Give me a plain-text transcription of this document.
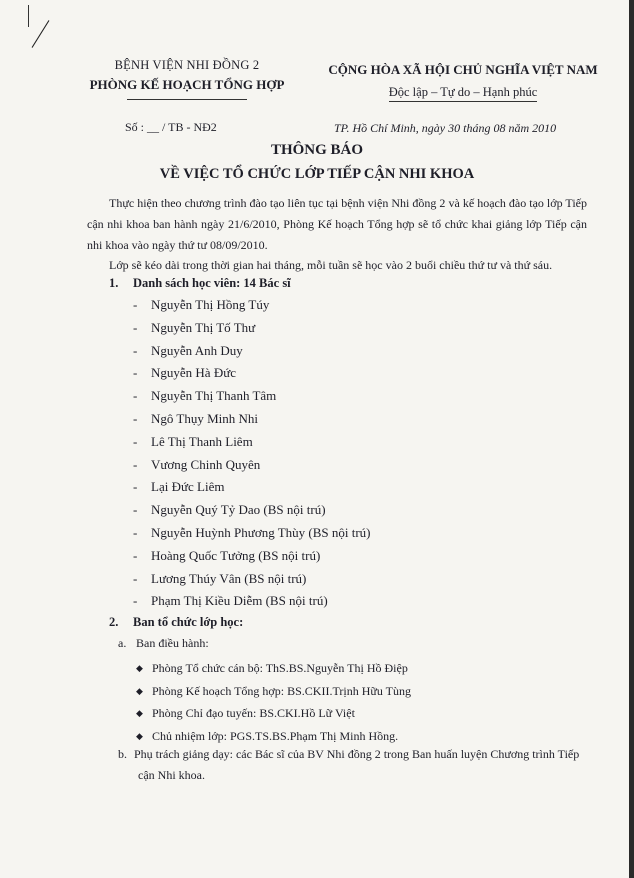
BỆNH VIỆN NHI ĐỒNG 2
PHÒNG KẾ HOẠCH TỔNG HỢP
CỘNG HÒA XÃ HỘI CHỦ NGHĨA VIỆT NAM
Độc lập – Tự do – Hạnh phúc
Số : __ / TB - NĐ2	TP. Hồ Chí Minh, ngày 30 tháng 08 năm 2010
THÔNG BÁO
VỀ VIỆC TỔ CHỨC LỚP TIẾP CẬN NHI KHOA
Thực hiện theo chương trình đào tạo liên tục tại bệnh viện Nhi đồng 2 và kế hoạch đào tạo lớp Tiếp cận nhi khoa ban hành ngày 21/6/2010, Phòng Kế hoạch Tổng hợp sẽ tổ chức khai giảng lớp Tiếp cận nhi khoa vào ngày thứ tư 08/09/2010.
Lớp sẽ kéo dài trong thời gian hai tháng, mỗi tuần sẽ học vào 2 buổi chiều thứ tư và thứ sáu.
1. Danh sách học viên: 14 Bác sĩ
- Nguyễn Thị Hồng Túy
- Nguyễn Thị Tố Thư
- Nguyễn Anh Duy
- Nguyễn Hà Đức
- Nguyễn Thị Thanh Tâm
- Ngô Thụy Minh Nhi
- Lê Thị Thanh Liêm
- Vương Chinh Quyên
- Lại Đức Liêm
- Nguyễn Quý Tỷ Dao (BS nội trú)
- Nguyễn Huỳnh Phương Thùy (BS nội trú)
- Hoàng Quốc Tưởng (BS nội trú)
- Lương Thúy Vân (BS nội trú)
- Phạm Thị Kiều Diễm (BS nội trú)
2. Ban tổ chức lớp học:
a. Ban điều hành:
◆ Phòng Tổ chức cán bộ: ThS.BS.Nguyễn Thị Hồ Điệp
◆ Phòng Kế hoạch Tổng hợp: BS.CKII.Trịnh Hữu Tùng
◆ Phòng Chỉ đạo tuyến: BS.CKI.Hồ Lữ Việt
◆ Chủ nhiệm lớp: PGS.TS.BS.Phạm Thị Minh Hồng.
b. Phụ trách giảng dạy: các Bác sĩ của BV Nhi đồng 2 trong Ban huấn luyện Chương trình Tiếp
cận Nhi khoa.
